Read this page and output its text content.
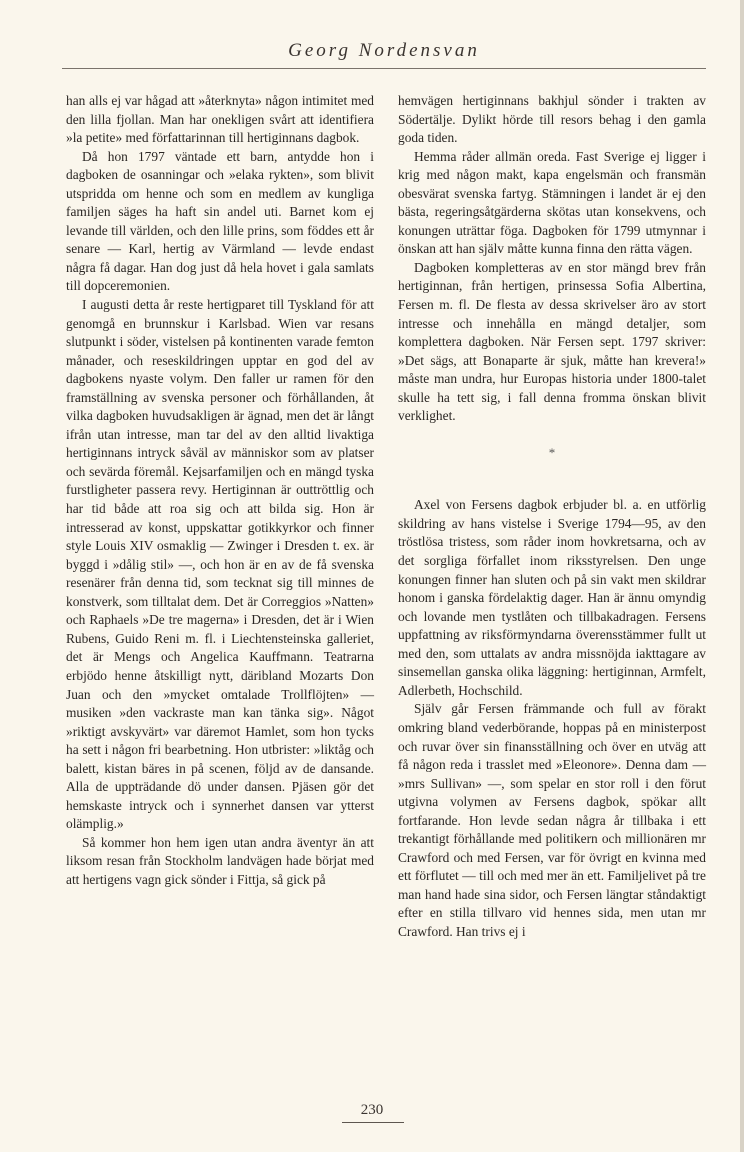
Georg Nordensvan

han alls ej var hågad att »återknyta» någon intimitet med den lilla fjollan. Man har onekligen svårt att identifiera »la petite» med författarinnan till hertiginnans dagbok.

Då hon 1797 väntade ett barn, antydde hon i dagboken de osanningar och »elaka rykten», som blivit utspridda om henne och som en medlem av kungliga familjen säges ha haft sin andel uti. Barnet kom ej levande till världen, och den lille prins, som föddes ett år senare — Karl, hertig av Värmland — levde endast några få dagar. Han dog just då hela hovet i gala samlats till dopceremonien.

I augusti detta år reste hertigparet till Tyskland för att genomgå en brunnskur i Karlsbad. Wien var resans slutpunkt i söder, vistelsen på kontinenten varade femton månader, och reseskildringen upptar en god del av dagbokens nyaste volym. Den faller ur ramen för den framställning av svenska personer och förhållanden, åt vilka dagboken huvudsakligen är ägnad, men det är långt ifrån utan intresse, man tar del av den alltid livaktiga hertiginnans intryck såväl av människor som av platser och sevärda föremål. Kejsarfamiljen och en mängd tyska furstligheter passera revy. Hertiginnan är outtröttlig och har tid både att roa sig och att bilda sig. Hon är intresserad av konst, uppskattar gotikkyrkor och finner style Louis XIV osmaklig — Zwinger i Dresden t. ex. är byggd i »dålig stil» —, och hon är en av de få svenska resenärer från denna tid, som tecknat sig till minnes de konstverk, som tilltalat dem. Det är Correggios »Natten» och Raphaels »De tre magerna» i Dresden, det är i Wien Rubens, Guido Reni m. fl. i Liechtensteinska galleriet, det är Mengs och Angelica Kauffmann. Teatrarna erbjödo henne åtskilligt nytt, däribland Mozarts Don Juan och den »mycket omtalade Trollflöjten» — musiken »den vackraste man kan tänka sig». Något »riktigt avskyvärt» var däremot Hamlet, som hon tycks ha sett i någon fri bearbetning. Hon utbrister: »liktåg och balett, kistan bäres in på scenen, följd av de dansande. Alla de uppträdande dö under dansen. Pjäsen gör det hemskaste intryck och i synnerhet dansen var ytterst olämplig.»

Så kommer hon hem igen utan andra äventyr än att liksom resan från Stockholm landvägen hade börjat med att hertigens vagn gick sönder i Fittja, så gick på

hemvägen hertiginnans bakhjul sönder i trakten av Södertälje. Dylikt hörde till resors behag i den gamla goda tiden.

Hemma råder allmän oreda. Fast Sverige ej ligger i krig med någon makt, kapa engelsmän och fransmän obesvärat svenska fartyg. Stämningen i landet är ej den bästa, regeringsåtgärderna skötas utan konsekvens, och konungen uträttar föga. Dagboken för 1799 utmynnar i önskan att han själv måtte kunna finna den rätta vägen.

Dagboken kompletteras av en stor mängd brev från hertiginnan, från hertigen, prinsessa Sofia Albertina, Fersen m. fl. De flesta av dessa skrivelser äro av stort intresse och innehålla en mängd detaljer, som komplettera dagboken. När Fersen sept. 1797 skriver: »Det sägs, att Bonaparte är sjuk, måtte han krevera!» måste man undra, hur Europas historia under 1800-talet skulle ha tett sig, i fall denna fromma önskan blivit verklighet.

*

Axel von Fersens dagbok erbjuder bl. a. en utförlig skildring av hans vistelse i Sverige 1794—95, av den tröstlösa tristess, som råder inom hovkretsarna, och av det sorgliga förfallet inom riksstyrelsen. Den unge konungen finner han sluten och på sin vakt men skildrar honom i ganska fördelaktig dager. Han är ännu omyndig och lovande men tystlåten och tillbakadragen. Fersens uppfattning av riksförmyndarna överensstämmer fullt ut med den, som uttalats av andra missnöjda iakttagare av sinsemellan ganska olika läggning: hertiginnan, Armfelt, Adlerbeth, Hochschild.

Själv går Fersen främmande och full av förakt omkring bland vederbörande, hoppas på en ministerpost och ruvar över sin finansställning och över en utväg att få någon reda i trasslet med »Eleonore». Denna dam — »mrs Sullivan» —, som spelar en stor roll i den förut utgivna volymen av Fersens dagbok, spökar allt fortfarande. Hon levde sedan några år tillbaka i ett trekantigt förhållande med politikern och millionären mr Crawford och med Fersen, var för övrigt en kvinna med ett förflutet — till och med mer än ett. Familjelivet på tre man hand hade sina sidor, och Fersen längtar ståndaktigt efter en stilla tillvaro vid hennes sida, men utan mr Crawford. Han trivs ej i

230
